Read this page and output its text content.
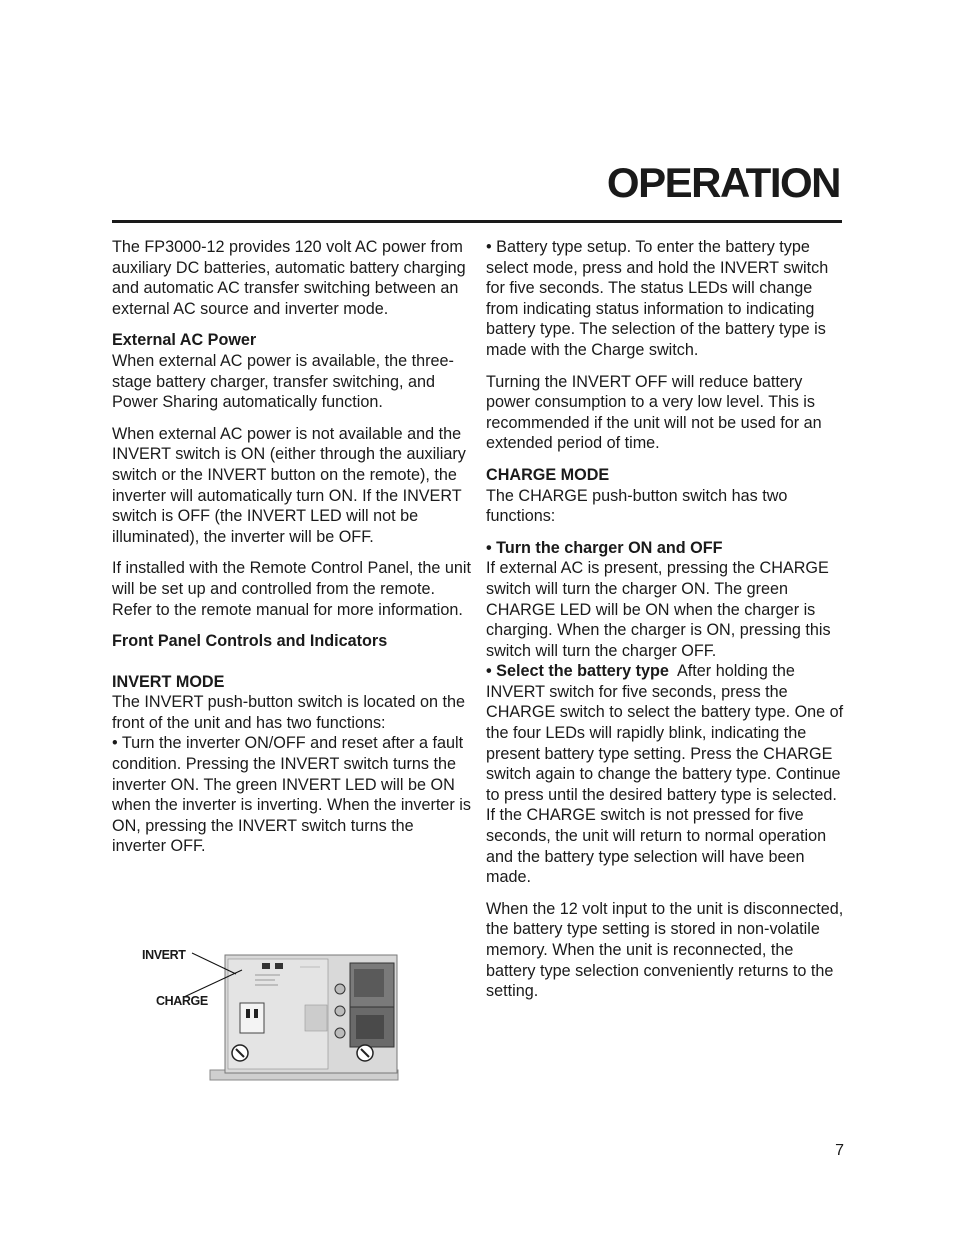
OPERATION

The FP3000-12 provides 120 volt AC power from auxiliary DC batteries, automatic battery charging and automatic AC transfer switching between an external AC source and inverter mode.

External AC Power
When external AC power is available, the three-stage battery charger, transfer switching, and Power Sharing automatically function.

When external AC power is not available and the INVERT switch is ON (either through the auxiliary switch or the INVERT button on the remote), the inverter will automatically turn ON. If the INVERT switch is OFF (the INVERT LED will not be illuminated), the inverter will be OFF.

If installed with the Remote Control Panel, the unit will be set up and controlled from the remote. Refer to the remote manual for more information.

Front Panel Controls and Indicators

INVERT MODE
The INVERT push-button switch is located on the front of the unit and has two functions:
• Turn the inverter ON/OFF and reset after a fault condition. Pressing the INVERT switch turns the inverter ON. The green INVERT LED will be ON when the inverter is inverting. When the inverter is ON, pressing the INVERT switch turns the inverter OFF.

• Battery type setup. To enter the battery type select mode, press and hold the INVERT switch for five seconds. The status LEDs will change from indicating status information to indicating battery type. The selection of the battery type is made with the Charge switch.

Turning the INVERT OFF will reduce battery power consumption to a very low level. This is recommended if the unit will not be used for an extended period of time.

CHARGE MODE
The CHARGE push-button switch has two functions:

• Turn the charger ON and OFF
If external AC is present, pressing the CHARGE switch will turn the charger ON. The green CHARGE LED will be ON when the charger is charging. When the charger is ON, pressing this switch will turn the charger OFF.
• Select the battery type  After holding the INVERT switch for five seconds, press the CHARGE switch to select the battery type. One of the four LEDs will rapidly blink, indicating the present battery type setting. Press the CHARGE switch again to change the battery type. Continue to press until the desired battery type is selected. If the CHARGE switch is not pressed for five seconds, the unit will return to normal operation and the battery type selection will have been made.

When the 12 volt input to the unit is disconnected, the battery type setting is stored in non-volatile memory. When the unit is reconnected, the battery type selection conveniently returns to the setting.

INVERT
CHARGE
7
